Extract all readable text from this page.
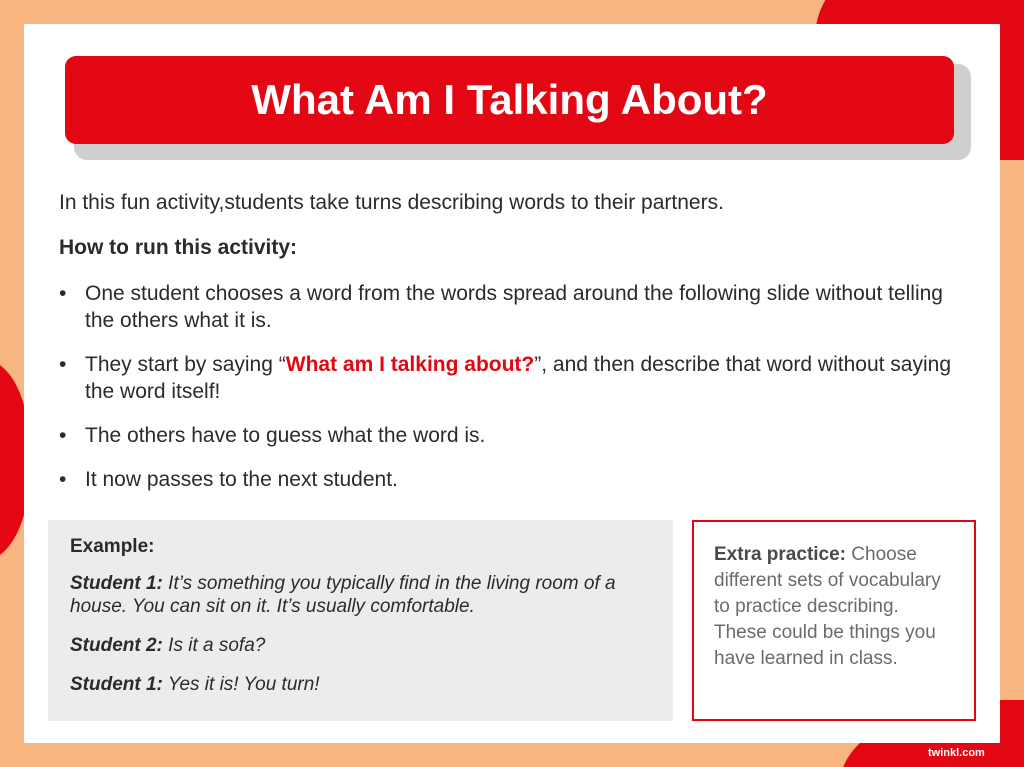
What Am I Talking About?

In this fun activity,students take turns describing words to their partners.

How to run this activity:

• One student chooses a word from the words spread around the following slide without telling the others what it is.
• They start by saying “What am I talking about?”, and then describe that word without saying the word itself!
• The others have to guess what the word is.
• It now passes to the next student.
Example:

Student 1: It’s something you typically find in the living room of a house. You can sit on it. It’s usually comfortable.

Student 2: Is it a sofa?

Student 1: Yes it is! You turn!

Extra practice: Choose different sets of vocabulary to practice describing. These could be things you have learned in class.
twinkl.com
